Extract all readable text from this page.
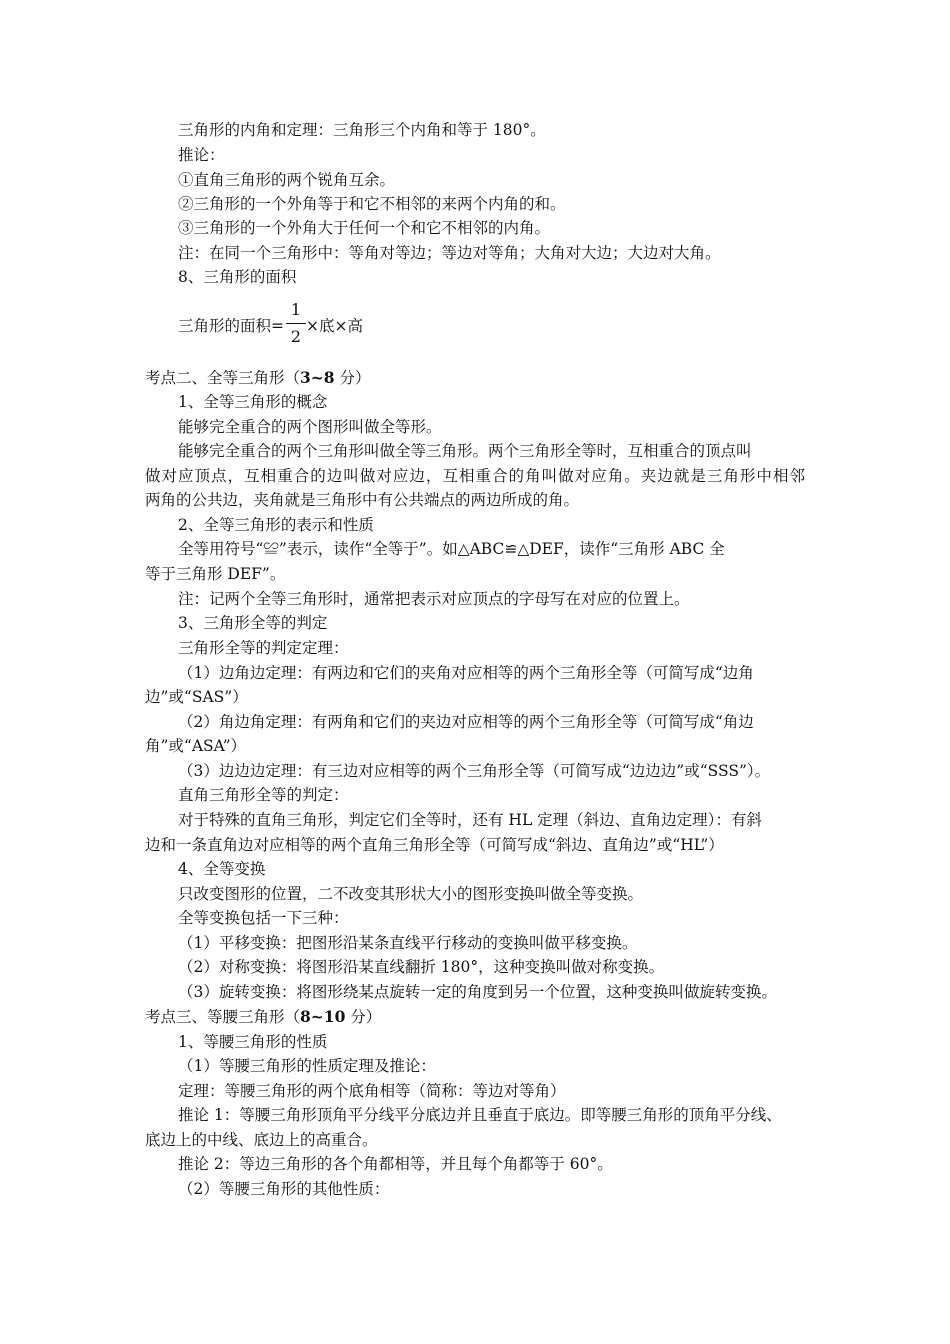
三角形的内角和定理：三角形三个内角和等于 180°。
推论：
①直角三角形的两个锐角互余。
②三角形的一个外角等于和它不相邻的来两个内角的和。
③三角形的一个外角大于任何一个和它不相邻的内角。
注：在同一个三角形中：等角对等边；等边对等角；大角对大边；大边对大角。
8、三角形的面积
三角形的面积=
1
2
×底×高
考点二、全等三角形（3~8 分）
1、全等三角形的概念
能够完全重合的两个图形叫做全等形。
能够完全重合的两个三角形叫做全等三角形。两个三角形全等时，互相重合的顶点叫
做对应顶点，互相重合的边叫做对应边，互相重合的角叫做对应角。夹边就是三角形中相邻
两角的公共边，夹角就是三角形中有公共端点的两边所成的角。
2、全等三角形的表示和性质
全等用符号“≌”表示，读作“全等于”。如△ABC≌△DEF，读作“三角形 ABC 全
等于三角形 DEF”。
注：记两个全等三角形时，通常把表示对应顶点的字母写在对应的位置上。
3、三角形全等的判定
三角形全等的判定定理：
（1）边角边定理：有两边和它们的夹角对应相等的两个三角形全等（可简写成“边角
边”或“SAS”）
（2）角边角定理：有两角和它们的夹边对应相等的两个三角形全等（可简写成“角边
角”或“ASA”）
（3）边边边定理：有三边对应相等的两个三角形全等（可简写成“边边边”或“SSS”）。
直角三角形全等的判定：
对于特殊的直角三角形，判定它们全等时，还有 HL 定理（斜边、直角边定理）：有斜
边和一条直角边对应相等的两个直角三角形全等（可简写成“斜边、直角边”或“HL”）
4、全等变换
只改变图形的位置，二不改变其形状大小的图形变换叫做全等变换。
全等变换包括一下三种：
（1）平移变换：把图形沿某条直线平行移动的变换叫做平移变换。
（2）对称变换：将图形沿某直线翻折 180°，这种变换叫做对称变换。
（3）旋转变换：将图形绕某点旋转一定的角度到另一个位置，这种变换叫做旋转变换。
考点三、等腰三角形（8~10 分）
1、等腰三角形的性质
（1）等腰三角形的性质定理及推论：
定理：等腰三角形的两个底角相等（简称：等边对等角）
推论 1：等腰三角形顶角平分线平分底边并且垂直于底边。即等腰三角形的顶角平分线、
底边上的中线、底边上的高重合。
推论 2：等边三角形的各个角都相等，并且每个角都等于 60°。
（2）等腰三角形的其他性质：
